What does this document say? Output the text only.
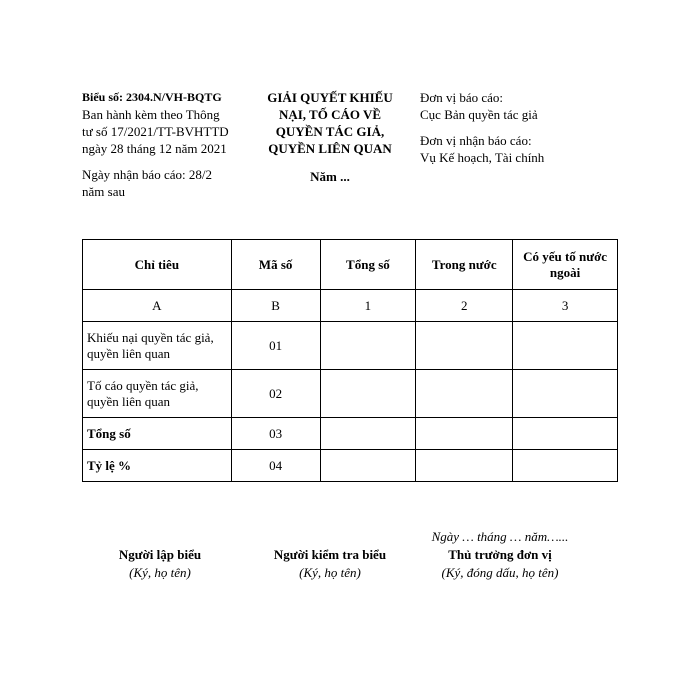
Biểu số: 2304.N/VH-BQTG
Ban hành kèm theo Thông
tư số 17/2021/TT-BVHTTD
ngày 28 tháng 12 năm 2021
Ngày nhận báo cáo: 28/2
năm sau
GIẢI QUYẾT KHIẾU
NẠI, TỐ CÁO VỀ
QUYỀN TÁC GIẢ,
QUYỀN LIÊN QUAN
Năm ...
Đơn vị báo cáo:
Cục Bản quyền tác giả
Đơn vị nhận báo cáo:
Vụ Kế hoạch, Tài chính
Chỉ tiêu	Mã số	Tổng số	Trong nước	Có yếu tố nước ngoài
A	B	1	2	3

Khiếu nại quyền tác giả,
quyền liên quan	01			

Tố cáo quyền tác giả,
quyền liên quan	02			
Tổng số	03			
Tỷ lệ %	04			
Người lập biểu
(Ký, họ tên)
Người kiểm tra biểu
(Ký, họ tên)
Ngày … tháng … năm…...
Thủ trưởng đơn vị
(Ký, đóng dấu, họ tên)
